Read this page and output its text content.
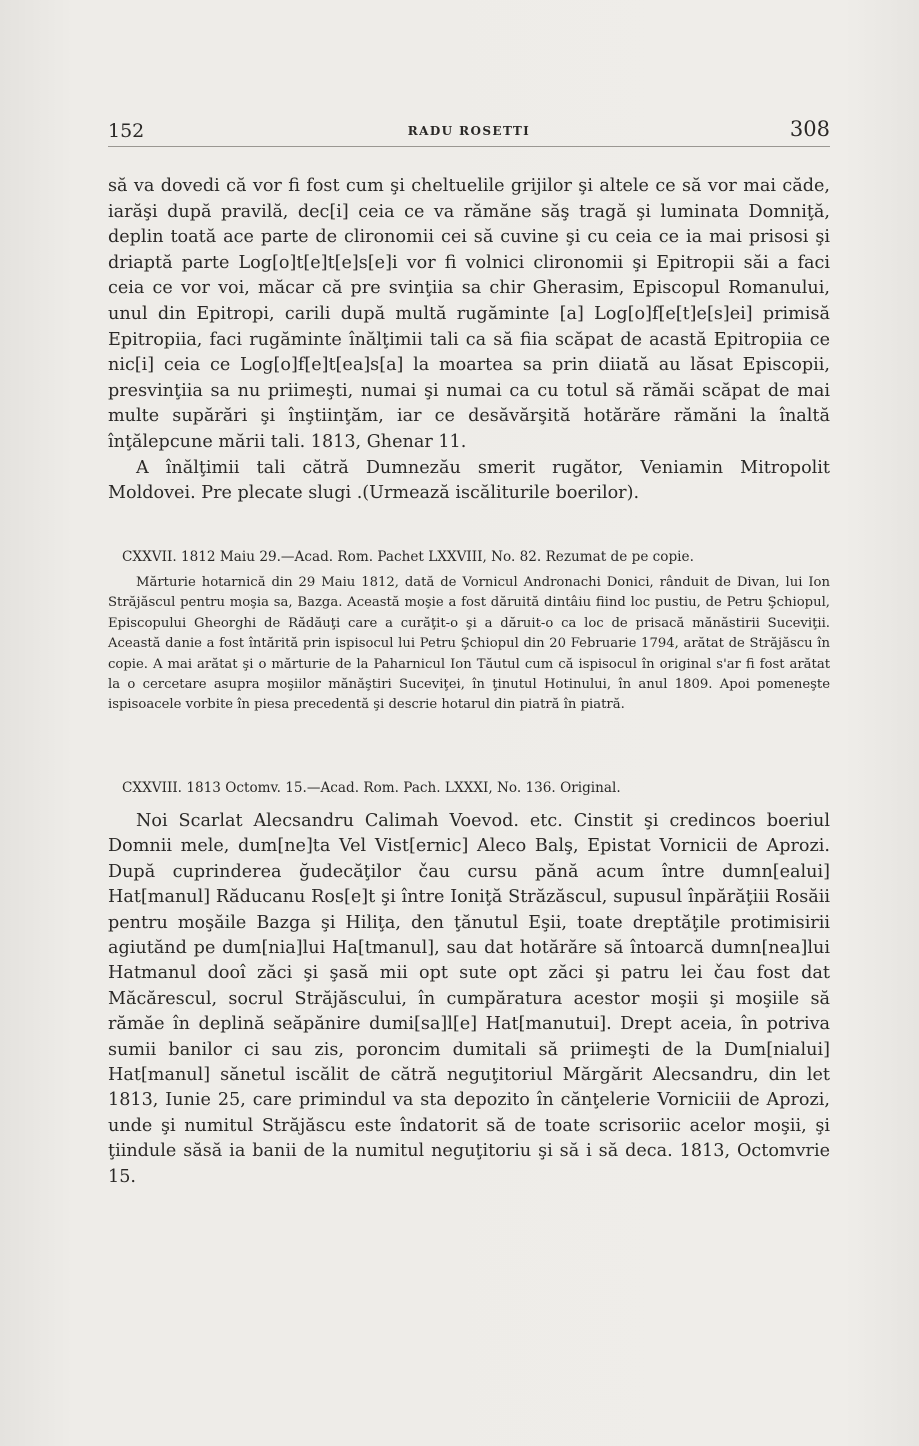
152	RADU ROSETTI	308

să va dovedi că vor fi fost cum şi cheltuelile grijilor şi altele ce să vor mai căde, iarăşi după pravilă, dec[i] ceia ce va rămăne săş tragă şi luminata Domniţă, deplin toată ace parte de clironomii cei să cuvine şi cu ceia ce ia mai prisosi şi driaptă parte Log[o]t[e]t[e]s[e]i vor fi volnici clironomii şi Epitropii săi a faci ceia ce vor voi, măcar că pre svinţiia sa chir Gherasim, Episcopul Romanului, unul din Epitropi, carili după multă rugăminte [a] Log[o]f[e[t]e[s]ei] primisă Epitropiia, faci rugăminte înălţimii tali ca să fiia scăpat de acastă Epitropiia ce nic[i] ceia ce Log[o]f[e]t[ea]s[a] la moartea sa prin diiată au lăsat Episcopii, presvinţiia sa nu priimeşti, numai şi numai ca cu totul să rămăi scăpat de mai multe supărări şi înştiinţăm, iar ce desăvărşită hotărăre rămăni la înaltă înţălepcune mării tali. 1813, Ghenar 11.

A înălţimii tali cătră Dumnezău smerit rugător, Veniamin Mitropolit Moldovei. Pre plecate slugi .(Urmează iscăliturile boerilor).

CXXVII. 1812 Maiu 29.—Acad. Rom. Pachet LXXVIII, No. 82. Rezumat de pe copie.
Mărturie hotarnică din 29 Maiu 1812, dată de Vornicul Andronachi Donici, rânduit de Divan, lui Ion Străjăscul pentru moşia sa, Bazga. Această moşie a fost dăruită dintâiu fiind loc pustiu, de Petru Şchiopul, Episcopului Gheorghi de Rădăuţi care a curăţit-o şi a dăruit-o ca loc de prisacă mănăstirii Suceviţii. Această danie a fost întărită prin ispisocul lui Petru Şchiopul din 20 Februarie 1794, arătat de Străjăscu în copie. A mai arătat şi o mărturie de la Paharnicul Ion Tăutul cum că ispisocul în original s'ar fi fost arătat la o cercetare asupra moşiilor mănăştiri Suceviţei, în ţinutul Hotinului, în anul 1809. Apoi pomeneşte ispisoacele vorbite în piesa precedentă şi descrie hotarul din piatră în piatră.
CXXVIII. 1813 Octomv. 15.—Acad. Rom. Pach. LXXXI, No. 136. Original.

Noi Scarlat Alecsandru Calimah Voevod. etc. Cinstit şi credincos boeriul Domnii mele, dum[ne]ta Vel Vist[ernic] Aleco Balş, Epistat Vornicii de Aprozi. După cuprinderea ğudecăţilor čau cursu pănă acum între dumn[ealui] Hat[manul] Răducanu Ros[e]t şi între Ioniţă Străzăscul, supusul înpărăţiii Rosăii pentru moşăile Bazga şi Hiliţa, den ţănutul Eşii, toate dreptăţile protimisirii agiutănd pe dum[nia]lui Ha[tmanul], sau dat hotărăre să întoarcă dumn[nea]lui Hatmanul dooî zăci şi şasă mii opt sute opt zăci şi patru lei čau fost dat Măcărescul, socrul Străjăscului, în cumpăratura acestor moşii şi moşiile să rămăe în deplină seăpănire dumi[sa]l[e] Hat[manutui]. Drept aceia, în potriva sumii banilor ci sau zis, poroncim dumitali să priimeşti de la Dum[nialui] Hat[manul] sănetul iscălit de cătră neguţitoriul Mărgărit Alecsandru, din let 1813, Iunie 25, care primindul va sta depozito în cănţelerie Vorniciii de Aprozi, unde şi numitul Străjăscu este îndatorit să de toate scrisoriic acelor moşii, şi ţiindule săsă ia banii de la numitul neguţitoriu şi să i să deca. 1813, Octomvrie 15.
